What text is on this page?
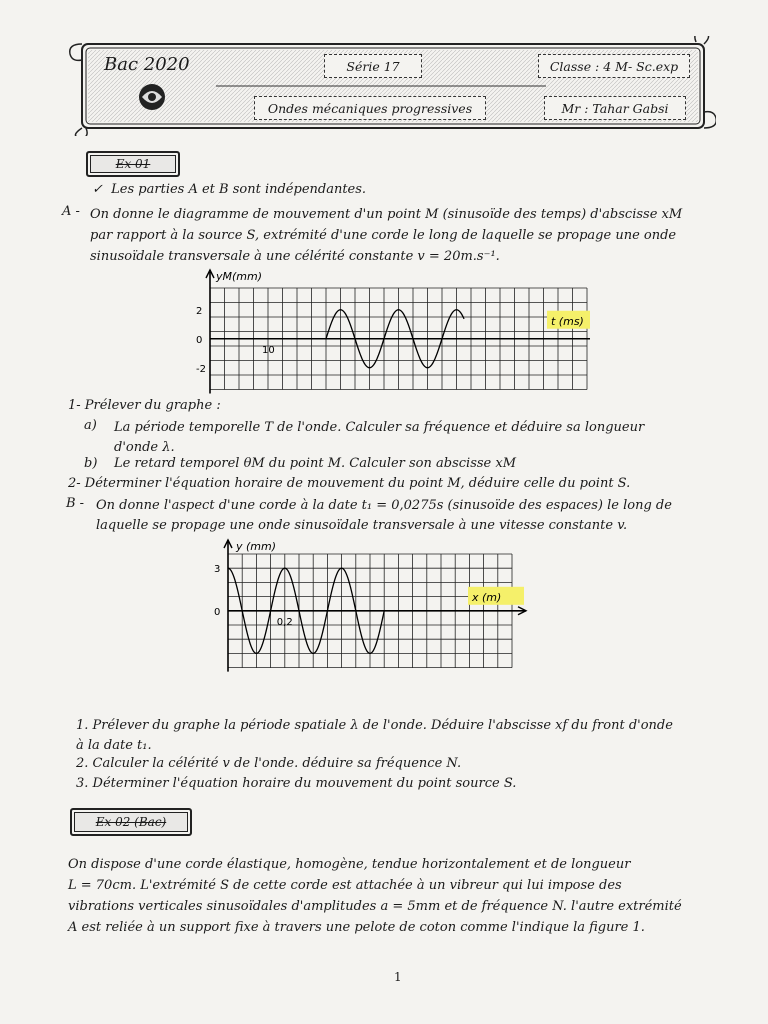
Bac 2020	Série 17	Classe : 4 M- Sc.exp
Ondes mécaniques progressives	Mr : Tahar Gabsi
Ex 01
✓ Les parties A et B sont indépendantes.
A - On donne le diagramme de mouvement d'un point M (sinusoïde des temps) d'abscisse xM
par rapport à la source S, extrémité d'une corde le long de laquelle se propage une onde
sinusoïdale transversale à une célérité constante v = 20m.s⁻¹.
yM(mm)
t (ms)
2
0
-2
10
1- Prélever du graphe :
a) La période temporelle T de l'onde. Calculer sa fréquence et déduire sa longueur
d'onde λ.
b) Le retard temporel θM du point M. Calculer son abscisse xM
2- Déterminer l'équation horaire de mouvement du point M, déduire celle du point S.
B - On donne l'aspect d'une corde à la date t₁ = 0,0275s (sinusoïde des espaces) le long de
laquelle se propage une onde sinusoïdale transversale à une vitesse constante v.
y (mm)
x (m)
3
0
0,2
1. Prélever du graphe la période spatiale λ de l'onde. Déduire l'abscisse xf du front d'onde
à la date t₁.
2. Calculer la célérité v de l'onde. déduire sa fréquence N.
3. Déterminer l'équation horaire du mouvement du point source S.
Ex 02 (Bac)
On dispose d'une corde élastique, homogène, tendue horizontalement et de longueur
L = 70cm. L'extrémité S de cette corde est attachée à un vibreur qui lui impose des
vibrations verticales sinusoïdales d'amplitudes a = 5mm et de fréquence N. l'autre extrémité
A est reliée à un support fixe à travers une pelote de coton comme l'indique la figure 1.
1
